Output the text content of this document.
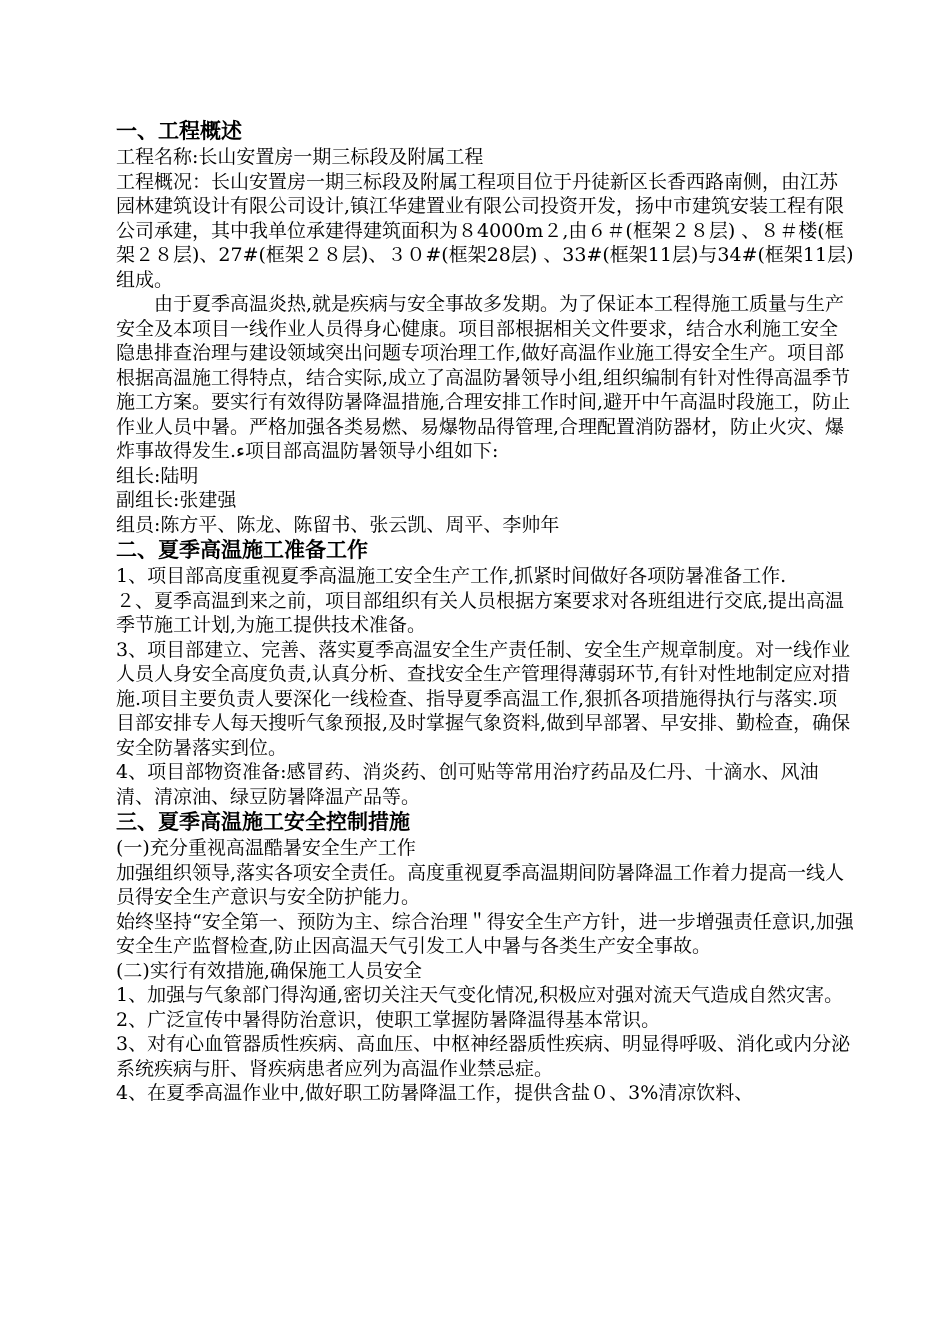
一、工程概述

工程名称:长山安置房一期三标段及附属工程

工程概况：长山安置房一期三标段及附属工程项目位于丹徒新区长香西路南侧，由江苏园林建筑设计有限公司设计,镇江华建置业有限公司投资开发，扬中市建筑安装工程有限公司承建，其中我单位承建得建筑面积为８4000m２,由６＃(框架２８层) 、８＃楼(框架２８层)、27#(框架２８层)、３０#(框架28层) 、33#(框架11层)与34#(框架11层)组成。

由于夏季高温炎热,就是疾病与安全事故多发期。为了保证本工程得施工质量与生产安全及本项目一线作业人员得身心健康。项目部根据相关文件要求，结合水利施工安全隐患排查治理与建设领域突出问题专项治理工作,做好高温作业施工得安全生产。项目部根据高温施工得特点，结合实际,成立了高温防暑领导小组,组织编制有针对性得高温季节施工方案。要实行有效得防暑降温措施,合理安排工作时间,避开中午高温时段施工，防止作业人员中暑。严格加强各类易燃、易爆物品得管理,合理配置消防器材，防止火灾、爆炸事故得发生.ء项目部高温防暑领导小组如下:

组长:陆明

副组长:张建强

组员:陈方平、陈龙、陈留书、张云凯、周平、李帅年

二、夏季高温施工准备工作

1、项目部高度重视夏季高温施工安全生产工作,抓紧时间做好各项防暑准备工作.

２、夏季高温到来之前，项目部组织有关人员根据方案要求对各班组进行交底,提出高温季节施工计划,为施工提供技术准备。

3、项目部建立、完善、落实夏季高温安全生产责任制、安全生产规章制度。对一线作业人员人身安全高度负责,认真分析、查找安全生产管理得薄弱环节,有针对性地制定应对措施.项目主要负责人要深化一线检查、指导夏季高温工作,狠抓各项措施得执行与落实.项目部安排专人每天搜听气象预报,及时掌握气象资料,做到早部署、早安排、勤检查，确保安全防暑落实到位。

4、项目部物资准备:感冒药、消炎药、创可贴等常用治疗药品及仁丹、十滴水、风油清、清凉油、绿豆防暑降温产品等。

三、夏季高温施工安全控制措施

(一)充分重视高温酷暑安全生产工作

加强组织领导,落实各项安全责任。高度重视夏季高温期间防暑降温工作着力提高一线人员得安全生产意识与安全防护能力。

始终坚持“安全第一、预防为主、综合治理＂得安全生产方针，进一步增强责任意识,加强安全生产监督检查,防止因高温天气引发工人中暑与各类生产安全事故。

(二)实行有效措施,确保施工人员安全

1、加强与气象部门得沟通,密切关注天气变化情况,积极应对强对流天气造成自然灾害。

2、广泛宣传中暑得防治意识，使职工掌握防暑降温得基本常识。

3、对有心血管器质性疾病、高血压、中枢神经器质性疾病、明显得呼吸、消化或内分泌系统疾病与肝、肾疾病患者应列为高温作业禁忌症。

4、在夏季高温作业中,做好职工防暑降温工作，提供含盐０、3%清凉饮料、
